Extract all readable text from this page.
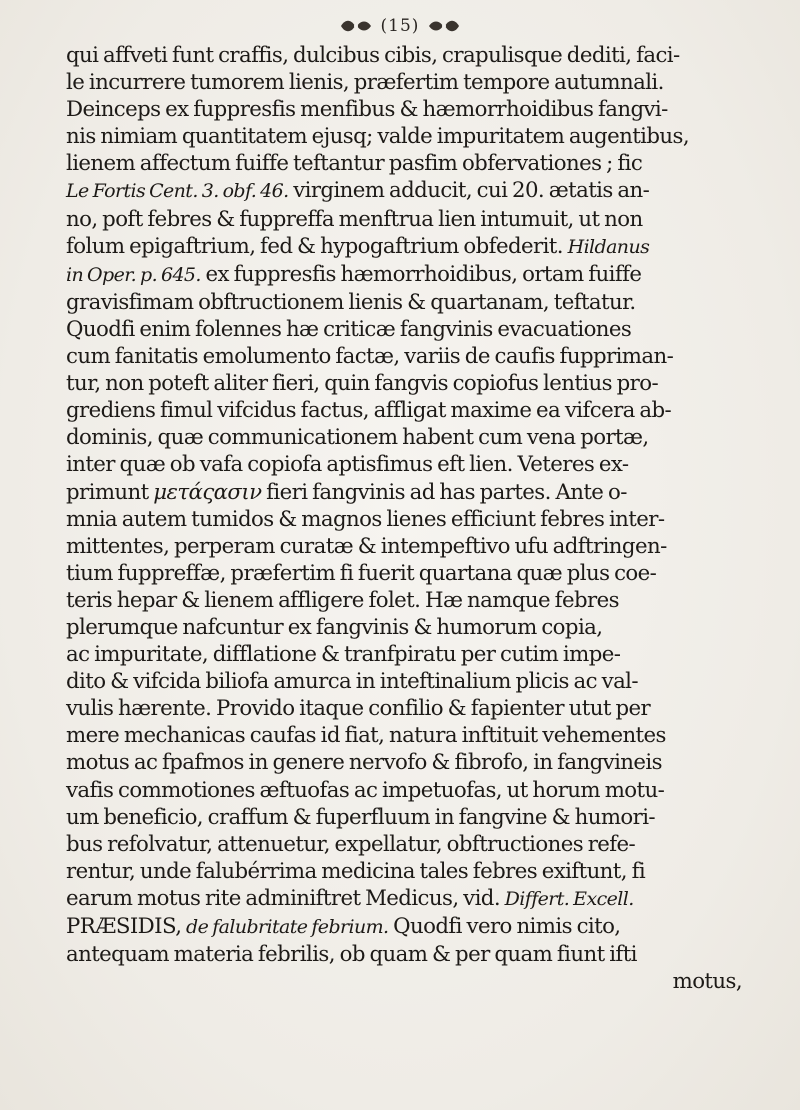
(15)
qui affveti funt craffis, dulcibus cibis, crapulisque dediti, faci-
le incurrere tumorem lienis, præfertim tempore autumnali.
Deinceps ex fuppresfis menfibus & hæmorrhoidibus fangvi-
nis nimiam quantitatem ejusq; valde impuritatem augentibus,
lienem affectum fuiffe teftantur pasfim obfervationes ; fic
Le Fortis Cent. 3. obf. 46. virginem adducit, cui 20. ætatis an-
no, poft febres & fuppreffa menftrua lien intumuit, ut non
folum epigaftrium, fed & hypogaftrium obfederit. Hildanus
in Oper. p. 645. ex fuppresfis hæmorrhoidibus, ortam fuiffe
gravisfimam obftructionem lienis & quartanam, teftatur.
Quodfi enim folennes hæ criticæ fangvinis evacuationes
cum fanitatis emolumento factæ, variis de caufis fuppriman-
tur, non poteft aliter fieri, quin fangvis copiofus lentius pro-
grediens fimul vifcidus factus, affligat maxime ea vifcera ab-
dominis, quæ communicationem habent cum vena portæ,
inter quæ ob vafa copiofa aptisfimus eft lien. Veteres ex-
primunt μετάςασιν fieri fangvinis ad has partes. Ante o-
mnia autem tumidos & magnos lienes efficiunt febres inter-
mittentes, perperam curatæ & intempeftivo ufu adftringen-
tium fuppreffæ, præfertim fi fuerit quartana quæ plus coe-
teris hepar & lienem affligere folet. Hæ namque febres
plerumque nafcuntur ex fangvinis & humorum copia,
ac impuritate, difflatione & tranfpiratu per cutim impe-
dito & vifcida biliofa amurca in inteftinalium plicis ac val-
vulis hærente. Provido itaque confilio & fapienter utut per
mere mechanicas caufas id fiat, natura inftituit vehementes
motus ac fpafmos in genere nervofo & fibrofo, in fangvineis
vafis commotiones æftuofas ac impetuofas, ut horum motu-
um beneficio, craffum & fuperfluum in fangvine & humori-
bus refolvatur, attenuetur, expellatur, obftructiones refe-
rentur, unde falubérrima medicina tales febres exiftunt, fi
earum motus rite adminiftret Medicus, vid. Differt. Excell.
PRÆSIDIS, de falubritate febrium. Quodfi vero nimis cito,
antequam materia febrilis, ob quam & per quam fiunt ifti
motus,
